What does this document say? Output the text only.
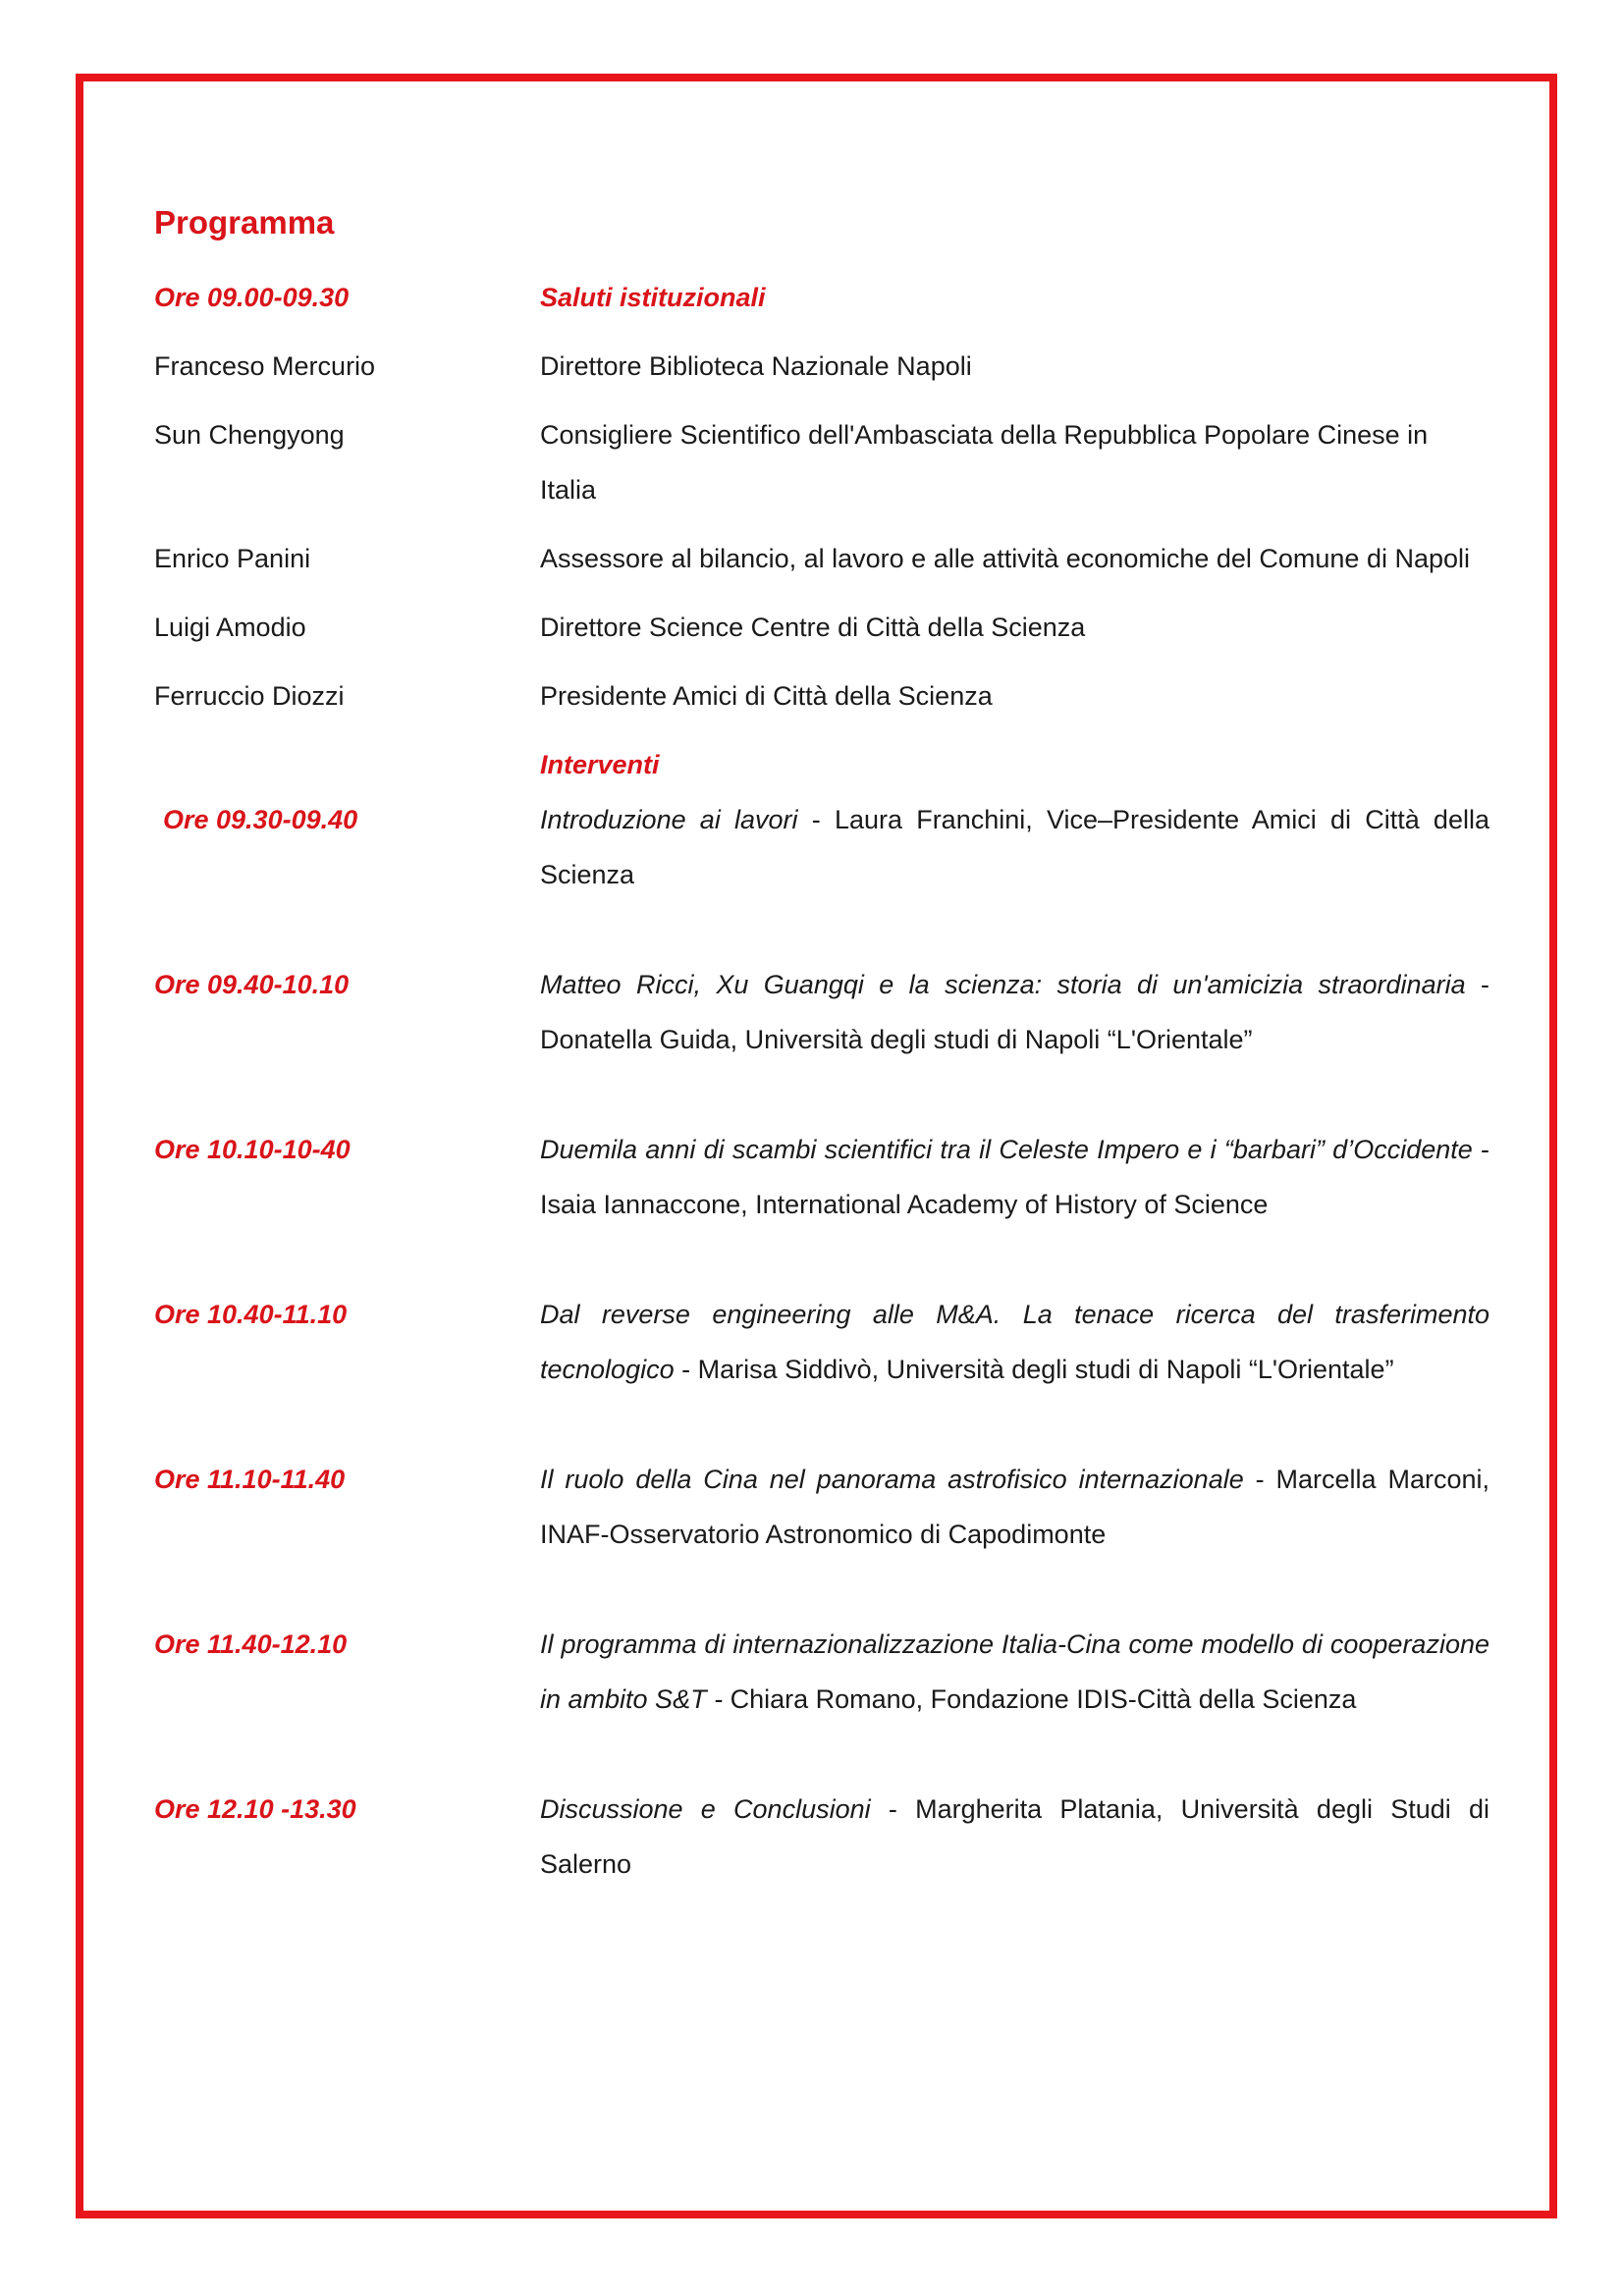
Programma
Ore 09.00-09.30	Saluti istituzionali
Franceso Mercurio	Direttore Biblioteca Nazionale Napoli
Sun Chengyong	Consigliere Scientifico dell'Ambasciata della Repubblica Popolare Cinese in Italia
Enrico Panini	Assessore al bilancio, al lavoro e alle attività economiche del Comune di Napoli
Luigi Amodio	Direttore Science Centre di Città della Scienza
Ferruccio Diozzi	Presidente Amici di Città della Scienza
Interventi
Ore 09.30-09.40	Introduzione ai lavori - Laura Franchini, Vice–Presidente Amici di Città della Scienza
Ore 09.40-10.10	Matteo Ricci, Xu Guangqi e la scienza: storia di un'amicizia straordinaria - Donatella Guida, Università degli studi di Napoli “L'Orientale”
Ore 10.10-10-40	Duemila anni di scambi scientifici tra il Celeste Impero e i “barbari” d’Occidente - Isaia Iannaccone, International Academy of History of Science
Ore 10.40-11.10	Dal reverse engineering alle M&A. La tenace ricerca del trasferimento tecnologico - Marisa Siddivò, Università degli studi di Napoli “L'Orientale”
Ore 11.10-11.40	Il ruolo della Cina nel panorama astrofisico internazionale - Marcella Marconi, INAF-Osservatorio Astronomico di Capodimonte
Ore 11.40-12.10	Il programma di internazionalizzazione Italia-Cina come modello di cooperazione in ambito S&T - Chiara Romano, Fondazione IDIS-Città della Scienza
Ore 12.10 -13.30	Discussione e Conclusioni - Margherita Platania, Università degli Studi di Salerno
